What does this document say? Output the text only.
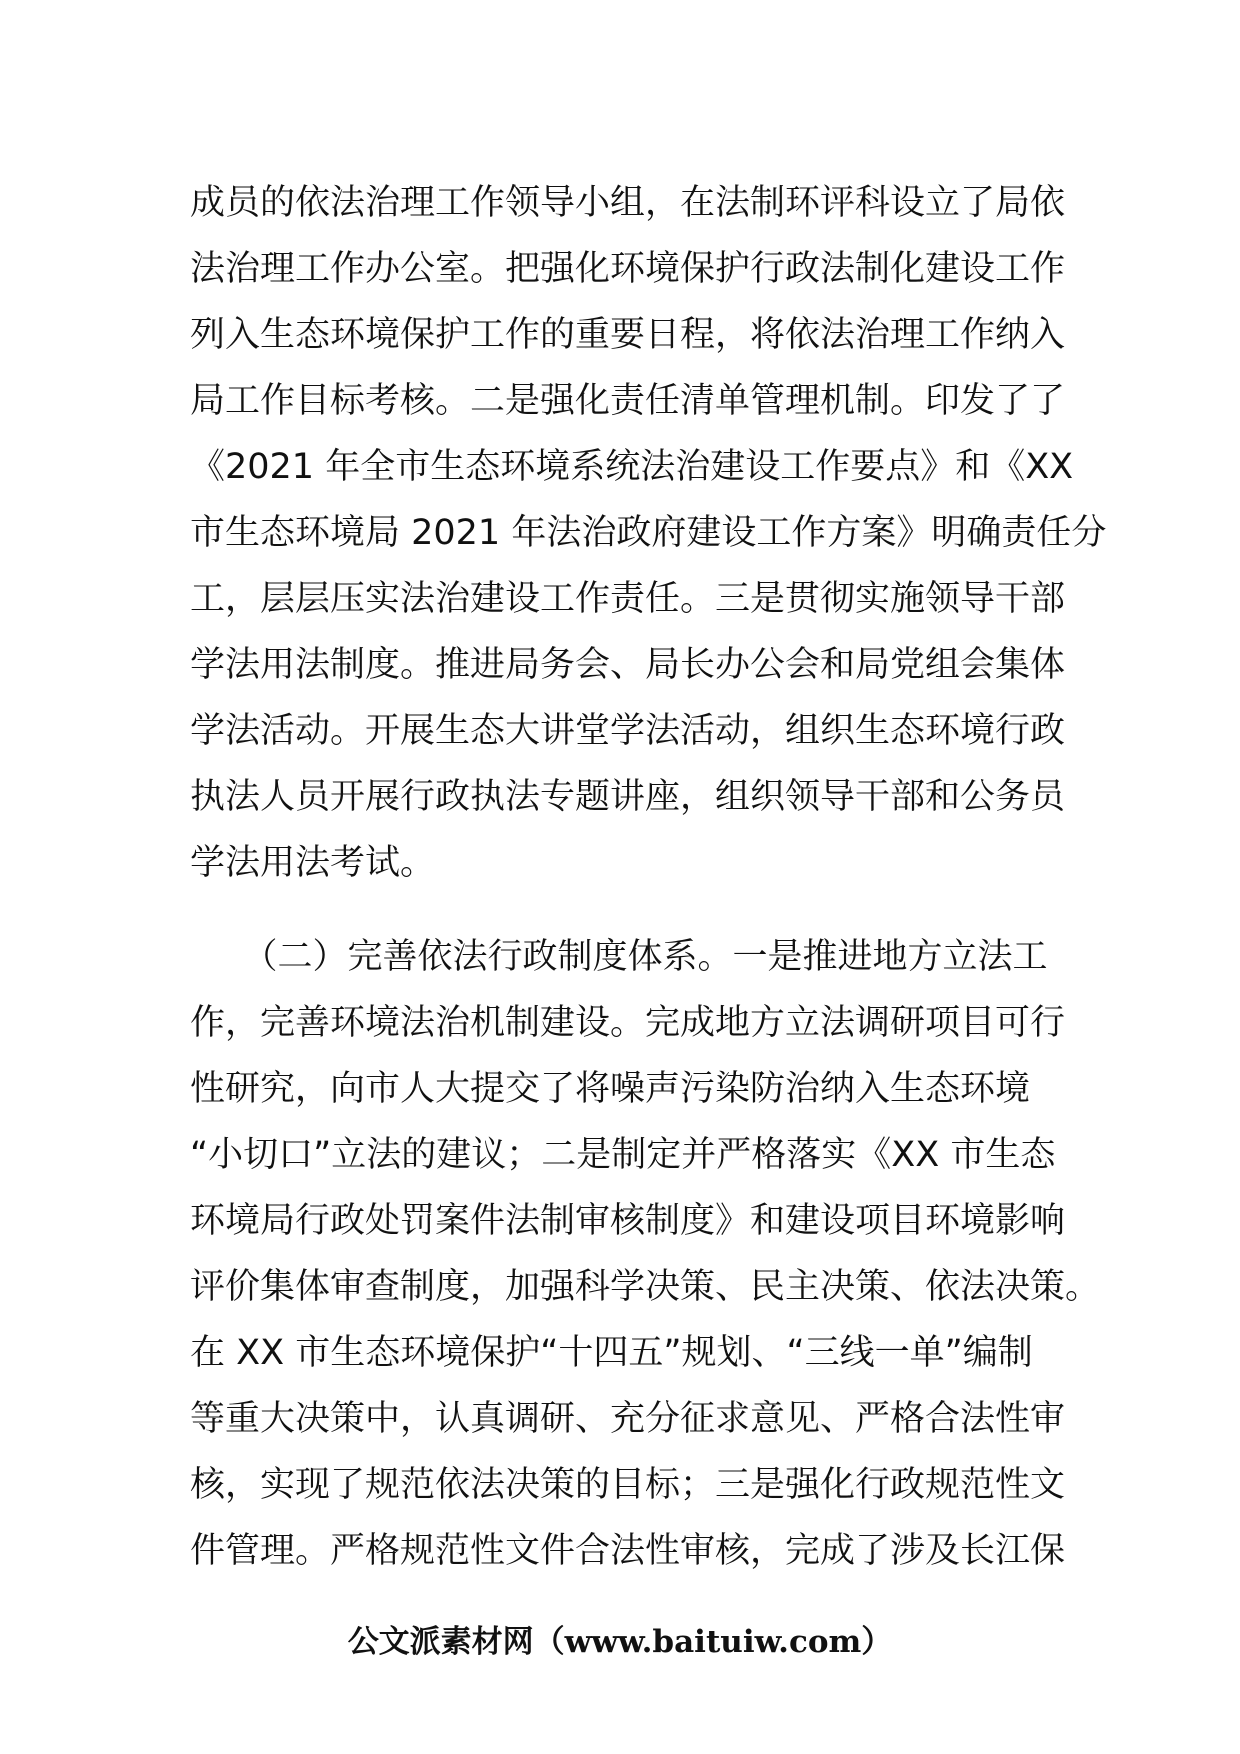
成员的依法治理工作领导小组，在法制环评科设立了局依
法治理工作办公室。把强化环境保护行政法制化建设工作
列入生态环境保护工作的重要日程，将依法治理工作纳入
局工作目标考核。二是强化责任清单管理机制。印发了了
《2021 年全市生态环境系统法治建设工作要点》和《XX
市生态环境局 2021 年法治政府建设工作方案》明确责任分
工，层层压实法治建设工作责任。三是贯彻实施领导干部
学法用法制度。推进局务会、局长办公会和局党组会集体
学法活动。开展生态大讲堂学法活动，组织生态环境行政
执法人员开展行政执法专题讲座，组织领导干部和公务员
学法用法考试。
　　（二）完善依法行政制度体系。一是推进地方立法工
作，完善环境法治机制建设。完成地方立法调研项目可行
性研究，向市人大提交了将噪声污染防治纳入生态环境
“小切口”立法的建议；二是制定并严格落实《XX 市生态
环境局行政处罚案件法制审核制度》和建设项目环境影响
评价集体审查制度，加强科学决策、民主决策、依法决策。
在 XX 市生态环境保护“十四五”规划、“三线一单”编制
等重大决策中，认真调研、充分征求意见、严格合法性审
核，实现了规范依法决策的目标；三是强化行政规范性文
件管理。严格规范性文件合法性审核，完成了涉及长江保
公文派素材网（www.baituiw.com）
